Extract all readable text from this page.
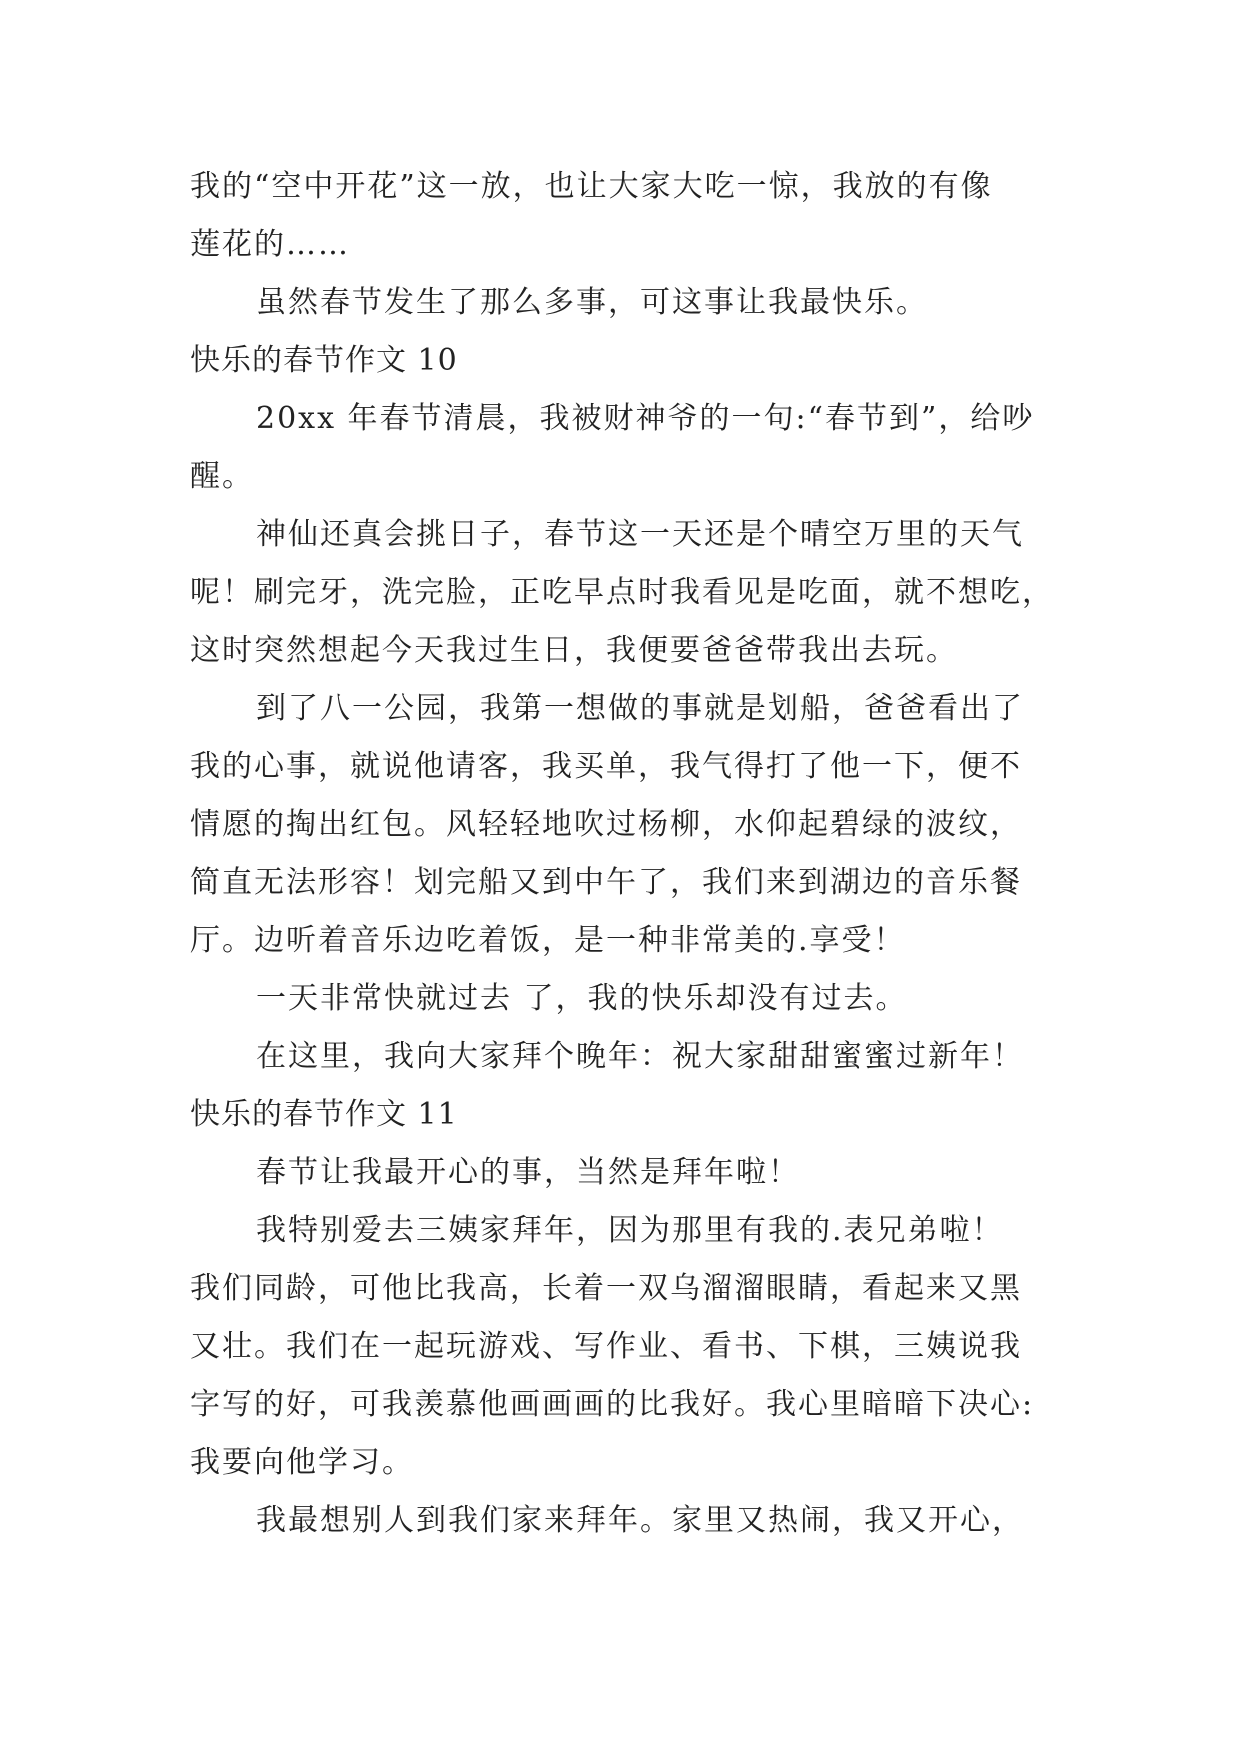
我的“空中开花”这一放，也让大家大吃一惊，我放的有像
莲花的……
虽然春节发生了那么多事，可这事让我最快乐。
快乐的春节作文 10
20xx 年春节清晨，我被财神爷的一句:“春节到”，给吵
醒。
神仙还真会挑日子，春节这一天还是个晴空万里的天气
呢！刷完牙，洗完脸，正吃早点时我看见是吃面，就不想吃，
这时突然想起今天我过生日，我便要爸爸带我出去玩。
到了八一公园，我第一想做的事就是划船，爸爸看出了
我的心事，就说他请客，我买单，我气得打了他一下，便不
情愿的掏出红包。风轻轻地吹过杨柳，水仰起碧绿的波纹，
简直无法形容！划完船又到中午了，我们来到湖边的音乐餐
厅。边听着音乐边吃着饭，是一种非常美的.享受！
一天非常快就过去 了，我的快乐却没有过去。
在这里，我向大家拜个晚年：祝大家甜甜蜜蜜过新年！
快乐的春节作文 11
春节让我最开心的事，当然是拜年啦！
我特别爱去三姨家拜年，因为那里有我的.表兄弟啦！
我们同龄，可他比我高，长着一双乌溜溜眼睛，看起来又黑
又壮。我们在一起玩游戏、写作业、看书、下棋，三姨说我
字写的好，可我羡慕他画画画的比我好。我心里暗暗下决心:
我要向他学习。
我最想别人到我们家来拜年。家里又热闹，我又开心，
